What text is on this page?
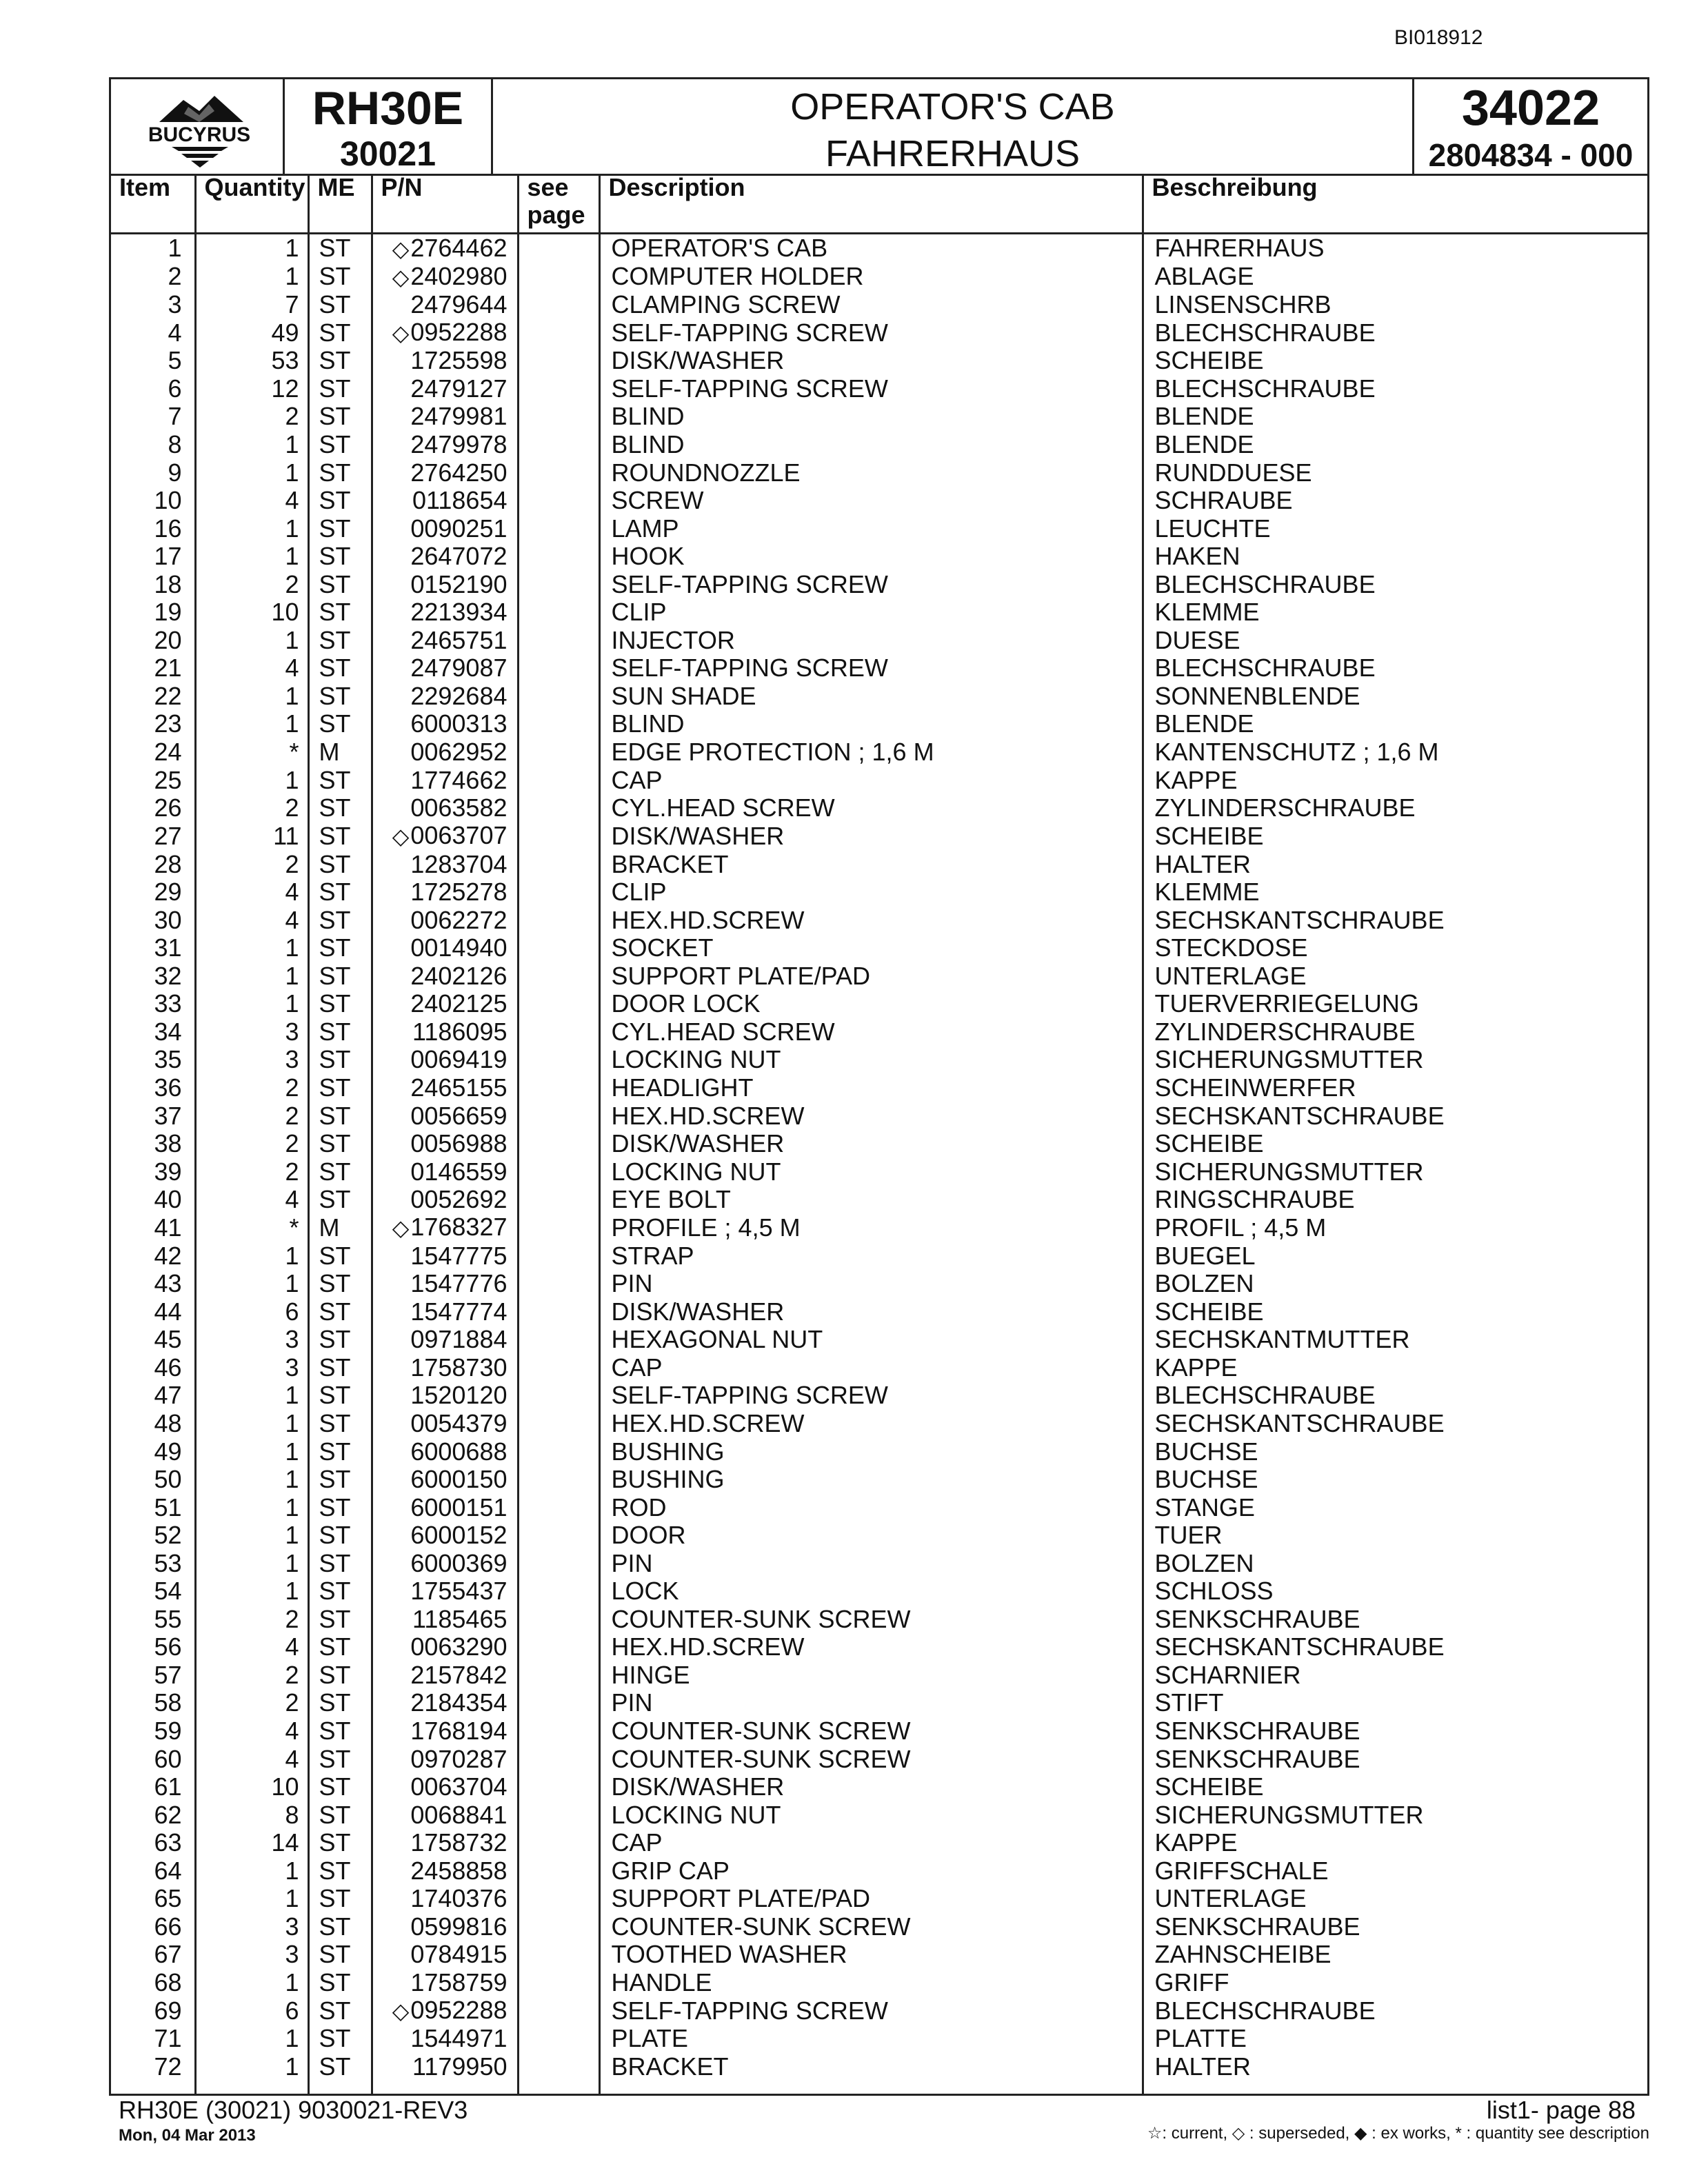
BI018912
BUCYRUS
RH30E
30021
OPERATOR'S CAB
FAHRERHAUS
34022
2804834 - 000
Item	Quantity	ME	P/N	see page	Description	Beschreibung
1	1	ST	◇2764462		OPERATOR'S CAB	FAHRERHAUS
2	1	ST	◇2402980		COMPUTER HOLDER	ABLAGE
3	7	ST	2479644		CLAMPING SCREW	LINSENSCHRB
4	49	ST	◇0952288		SELF-TAPPING SCREW	BLECHSCHRAUBE
5	53	ST	1725598		DISK/WASHER	SCHEIBE
6	12	ST	2479127		SELF-TAPPING SCREW	BLECHSCHRAUBE
7	2	ST	2479981		BLIND	BLENDE
8	1	ST	2479978		BLIND	BLENDE
9	1	ST	2764250		ROUNDNOZZLE	RUNDDUESE
10	4	ST	0118654		SCREW	SCHRAUBE
16	1	ST	0090251		LAMP	LEUCHTE
17	1	ST	2647072		HOOK	HAKEN
18	2	ST	0152190		SELF-TAPPING SCREW	BLECHSCHRAUBE
19	10	ST	2213934		CLIP	KLEMME
20	1	ST	2465751		INJECTOR	DUESE
21	4	ST	2479087		SELF-TAPPING SCREW	BLECHSCHRAUBE
22	1	ST	2292684		SUN SHADE	SONNENBLENDE
23	1	ST	6000313		BLIND	BLENDE
24	*	M	0062952		EDGE PROTECTION ; 1,6 M	KANTENSCHUTZ ; 1,6 M
25	1	ST	1774662		CAP	KAPPE
26	2	ST	0063582		CYL.HEAD SCREW	ZYLINDERSCHRAUBE
27	11	ST	◇0063707		DISK/WASHER	SCHEIBE
28	2	ST	1283704		BRACKET	HALTER
29	4	ST	1725278		CLIP	KLEMME
30	4	ST	0062272		HEX.HD.SCREW	SECHSKANTSCHRAUBE
31	1	ST	0014940		SOCKET	STECKDOSE
32	1	ST	2402126		SUPPORT PLATE/PAD	UNTERLAGE
33	1	ST	2402125		DOOR LOCK	TUERVERRIEGELUNG
34	3	ST	1186095		CYL.HEAD SCREW	ZYLINDERSCHRAUBE
35	3	ST	0069419		LOCKING NUT	SICHERUNGSMUTTER
36	2	ST	2465155		HEADLIGHT	SCHEINWERFER
37	2	ST	0056659		HEX.HD.SCREW	SECHSKANTSCHRAUBE
38	2	ST	0056988		DISK/WASHER	SCHEIBE
39	2	ST	0146559		LOCKING NUT	SICHERUNGSMUTTER
40	4	ST	0052692		EYE BOLT	RINGSCHRAUBE
41	*	M	◇1768327		PROFILE ; 4,5 M	PROFIL ; 4,5 M
42	1	ST	1547775		STRAP	BUEGEL
43	1	ST	1547776		PIN	BOLZEN
44	6	ST	1547774		DISK/WASHER	SCHEIBE
45	3	ST	0971884		HEXAGONAL NUT	SECHSKANTMUTTER
46	3	ST	1758730		CAP	KAPPE
47	1	ST	1520120		SELF-TAPPING SCREW	BLECHSCHRAUBE
48	1	ST	0054379		HEX.HD.SCREW	SECHSKANTSCHRAUBE
49	1	ST	6000688		BUSHING	BUCHSE
50	1	ST	6000150		BUSHING	BUCHSE
51	1	ST	6000151		ROD	STANGE
52	1	ST	6000152		DOOR	TUER
53	1	ST	6000369		PIN	BOLZEN
54	1	ST	1755437		LOCK	SCHLOSS
55	2	ST	1185465		COUNTER-SUNK SCREW	SENKSCHRAUBE
56	4	ST	0063290		HEX.HD.SCREW	SECHSKANTSCHRAUBE
57	2	ST	2157842		HINGE	SCHARNIER
58	2	ST	2184354		PIN	STIFT
59	4	ST	1768194		COUNTER-SUNK SCREW	SENKSCHRAUBE
60	4	ST	0970287		COUNTER-SUNK SCREW	SENKSCHRAUBE
61	10	ST	0063704		DISK/WASHER	SCHEIBE
62	8	ST	0068841		LOCKING NUT	SICHERUNGSMUTTER
63	14	ST	1758732		CAP	KAPPE
64	1	ST	2458858		GRIP CAP	GRIFFSCHALE
65	1	ST	1740376		SUPPORT PLATE/PAD	UNTERLAGE
66	3	ST	0599816		COUNTER-SUNK SCREW	SENKSCHRAUBE
67	3	ST	0784915		TOOTHED WASHER	ZAHNSCHEIBE
68	1	ST	1758759		HANDLE	GRIFF
69	6	ST	◇0952288		SELF-TAPPING SCREW	BLECHSCHRAUBE
71	1	ST	1544971		PLATE	PLATTE
72	1	ST	1179950		BRACKET	HALTER

RH30E (30021) 9030021-REV3
Mon, 04 Mar 2013
list1- page 88
☆: current, ◇ : superseded, ◆ : ex works, * : quantity see description
